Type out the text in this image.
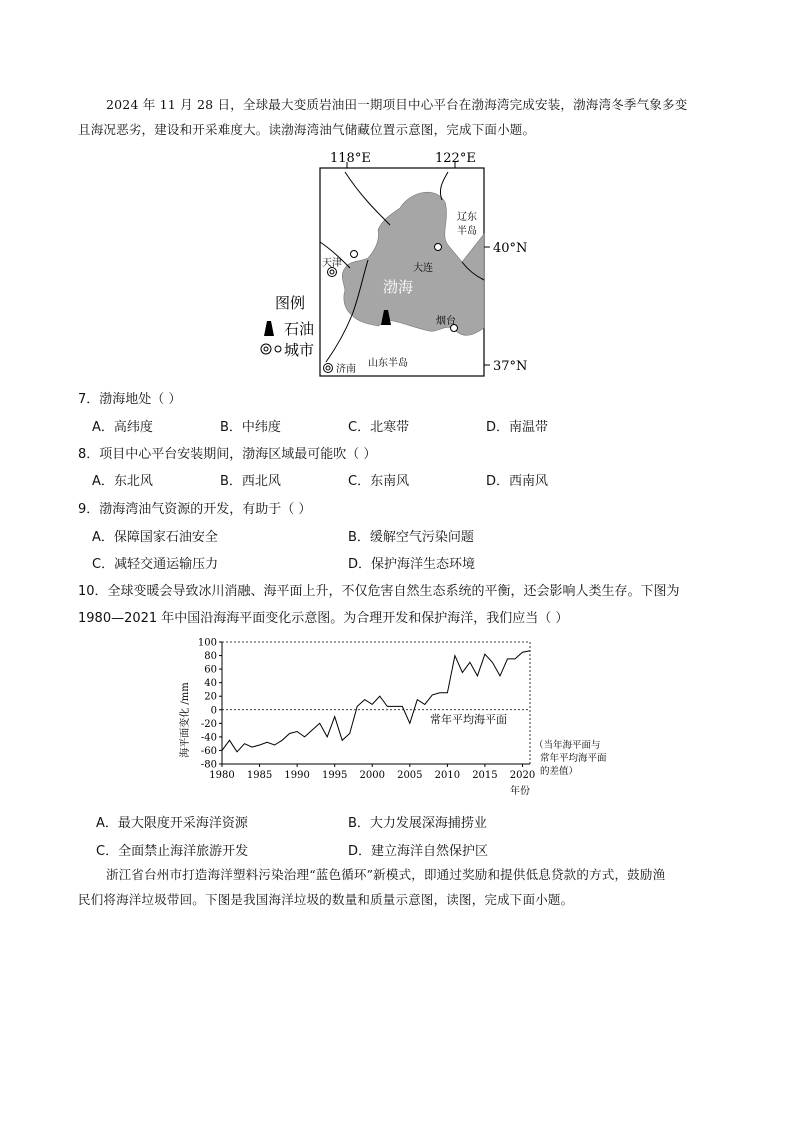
2024 年 11 月 28 日，全球最大变质岩油田一期项目中心平台在渤海湾完成安装，渤海湾冬季气象多变

且海况恶劣，建设和开采难度大。读渤海湾油气储藏位置示意图，完成下面小题。

118°E	122°E
40°N
37°N
渤海
辽东
半岛
山东半岛
天津	大连
烟台
济南
图例
石油
城市
7．渤海地处（ ）
A．高纬度	B．中纬度	C．北寒带	D．南温带
8．项目中心平台安装期间，渤海区域最可能吹（ ）
A．东北风	B．西北风	C．东南风	D．西南风
9．渤海湾油气资源的开发，有助于（ ）
A．保障国家石油安全	B．缓解空气污染问题
C．减轻交通运输压力	D．保护海洋生态环境
10．全球变暖会导致冰川消融、海平面上升，不仅危害自然生态系统的平衡，还会影响人类生存。下图为
1980—2021 年中国沿海海平面变化示意图。为合理开发和保护海洋，我们应当（ ）
海平面变化 /mm
100
80
60
40
20
0
-20
-40
-60
-80
1980 1985 1990 1995 2000 2005 2010 2015 2020
常年平均海平面
（当年海平面与
常年平均海平面
的差值）
年份
A．最大限度开采海洋资源	B．大力发展深海捕捞业
C．全面禁止海洋旅游开发	D．建立海洋自然保护区

浙江省台州市打造海洋塑料污染治理“蓝色循环”新模式，即通过奖励和提供低息贷款的方式，鼓励渔

民们将海洋垃圾带回。下图是我国海洋垃圾的数量和质量示意图，读图，完成下面小题。
